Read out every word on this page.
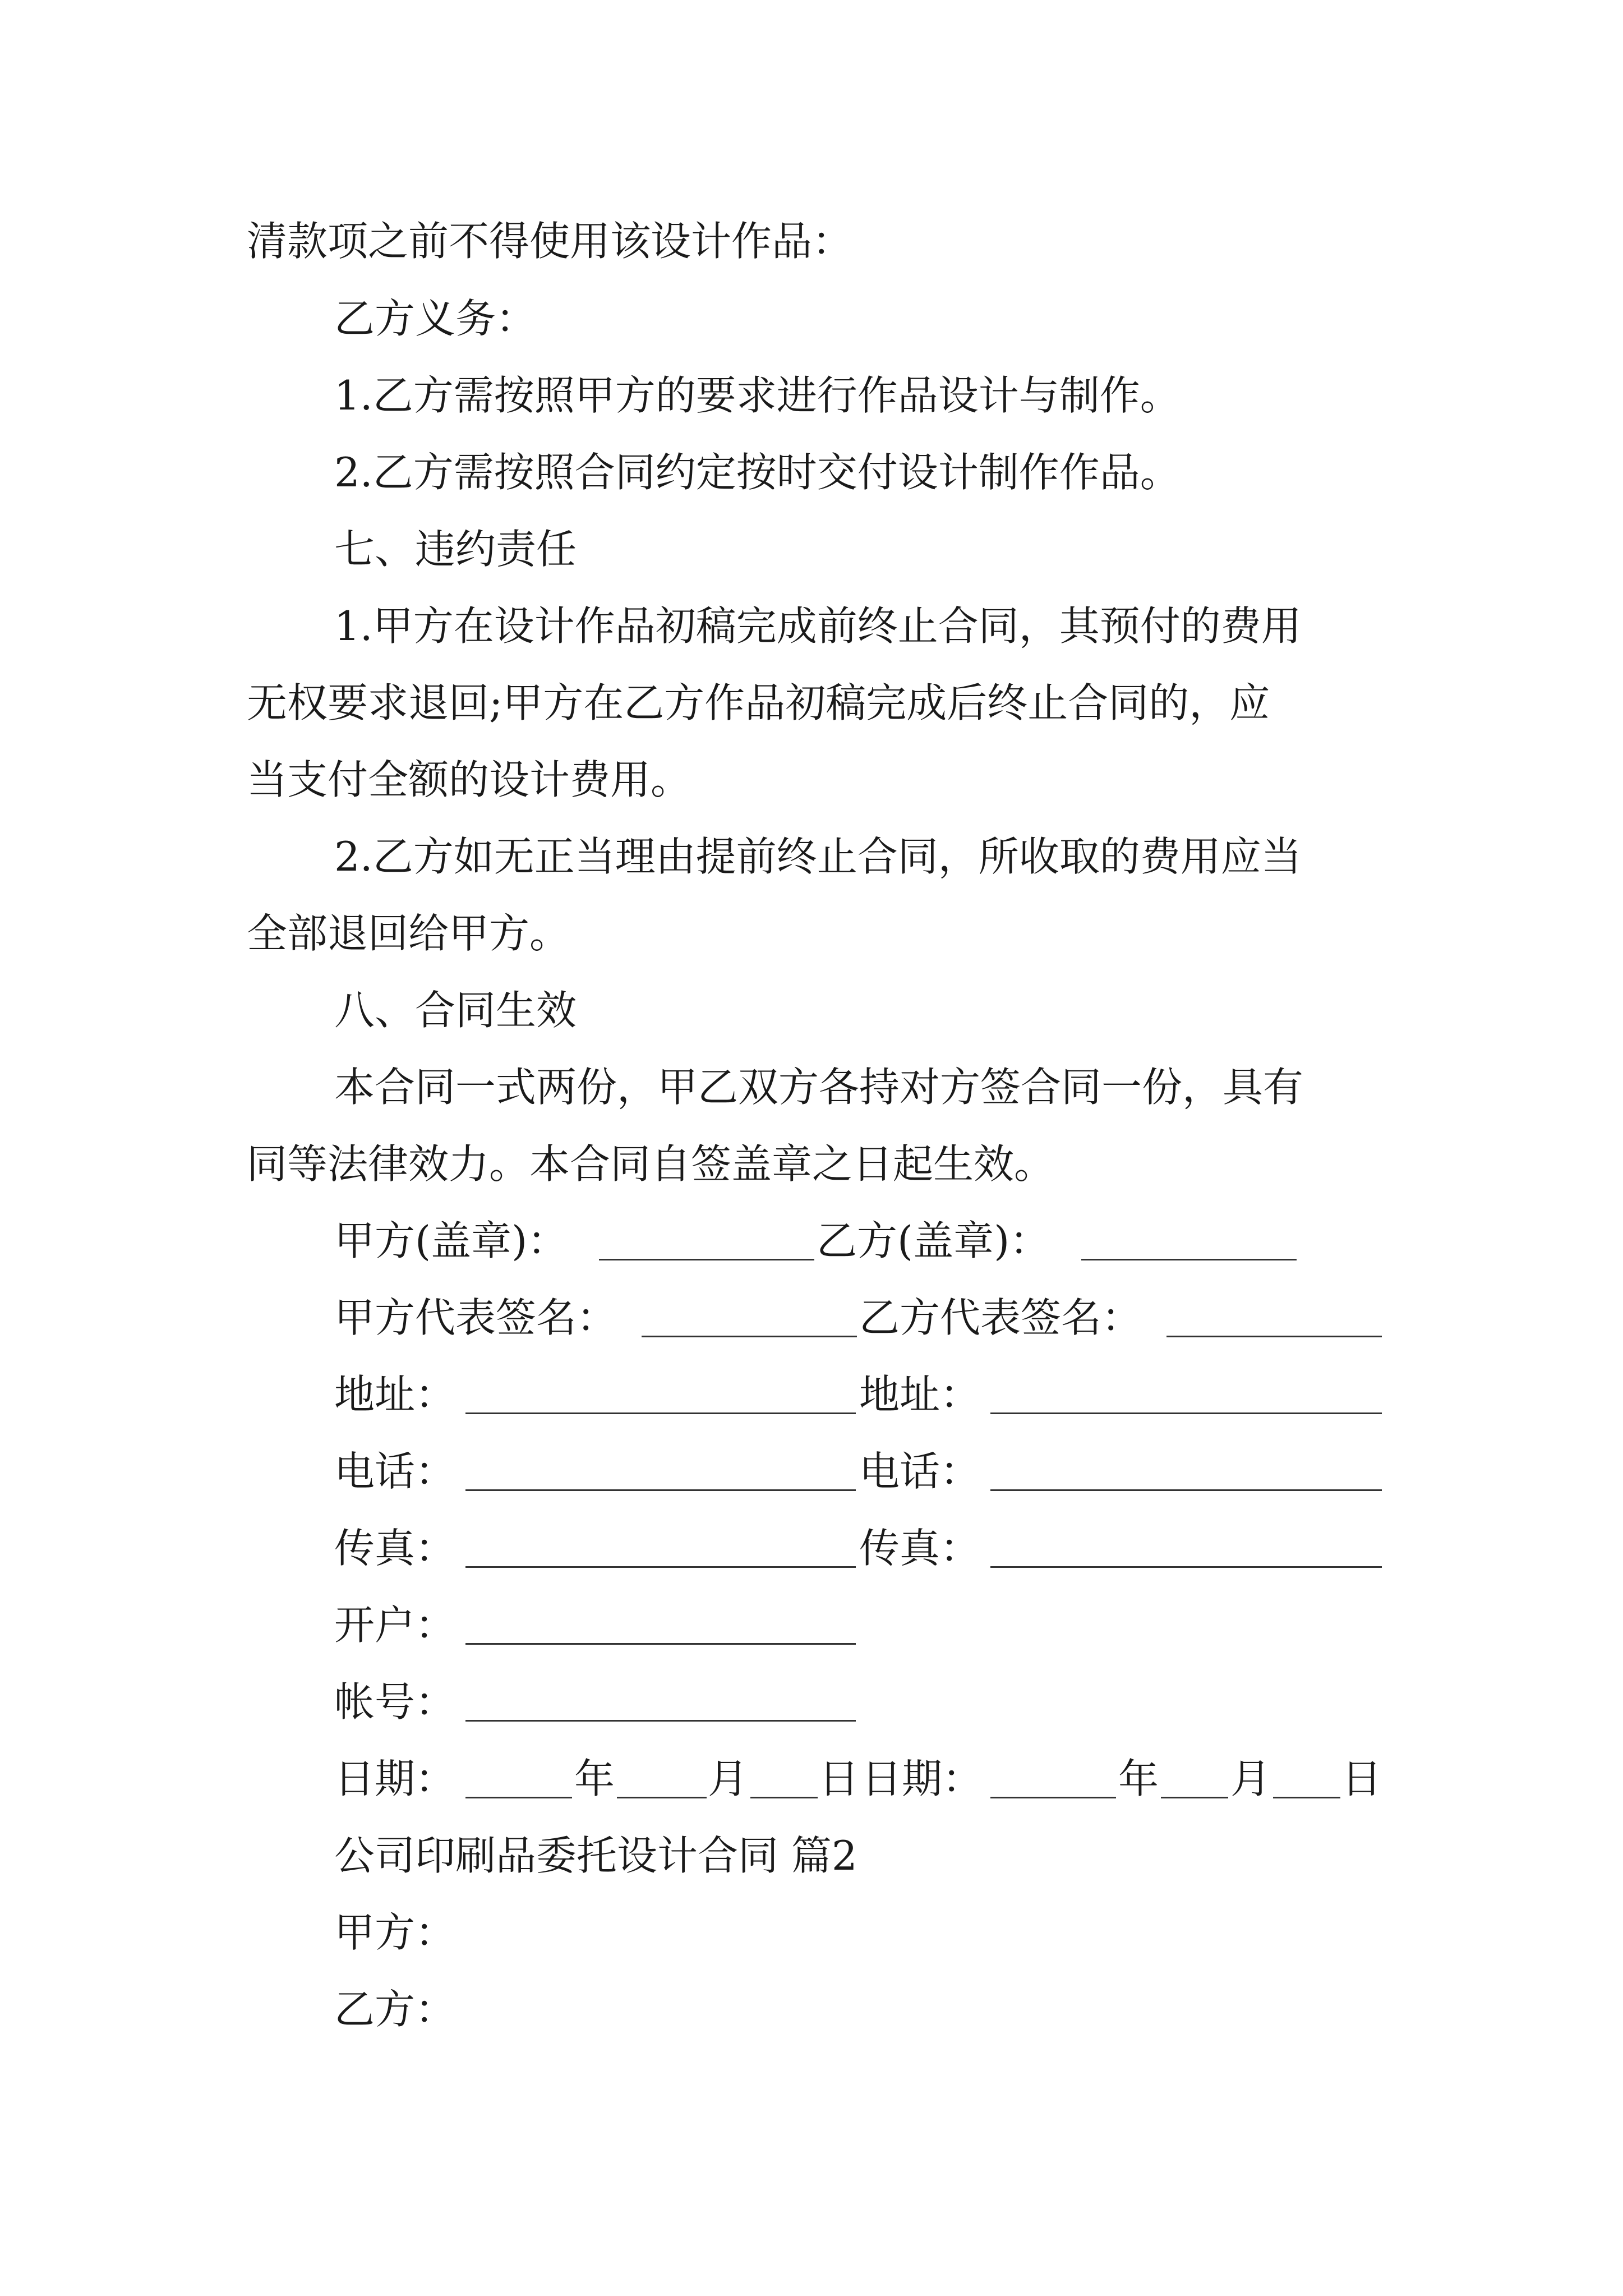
清款项之前不得使用该设计作品：
乙方义务：
1.乙方需按照甲方的要求进行作品设计与制作。
2.乙方需按照合同约定按时交付设计制作作品。
七、违约责任
1.甲方在设计作品初稿完成前终止合同，其预付的费用
无权要求退回;甲方在乙方作品初稿完成后终止合同的，应
当支付全额的设计费用。
2.乙方如无正当理由提前终止合同，所收取的费用应当
全部退回给甲方。
八、合同生效
本合同一式两份，甲乙双方各持对方签合同一份，具有
同等法律效力。本合同自签盖章之日起生效。
甲方(盖章)：	乙方(盖章)：
甲方代表签名：	乙方代表签名：
地址：	地址：
电话：	电话：
传真：	传真：
开户：
帐号：
日期：	年 月 日 日期：	年 月 日
公司印刷品委托设计合同 篇2
甲方：
乙方：
